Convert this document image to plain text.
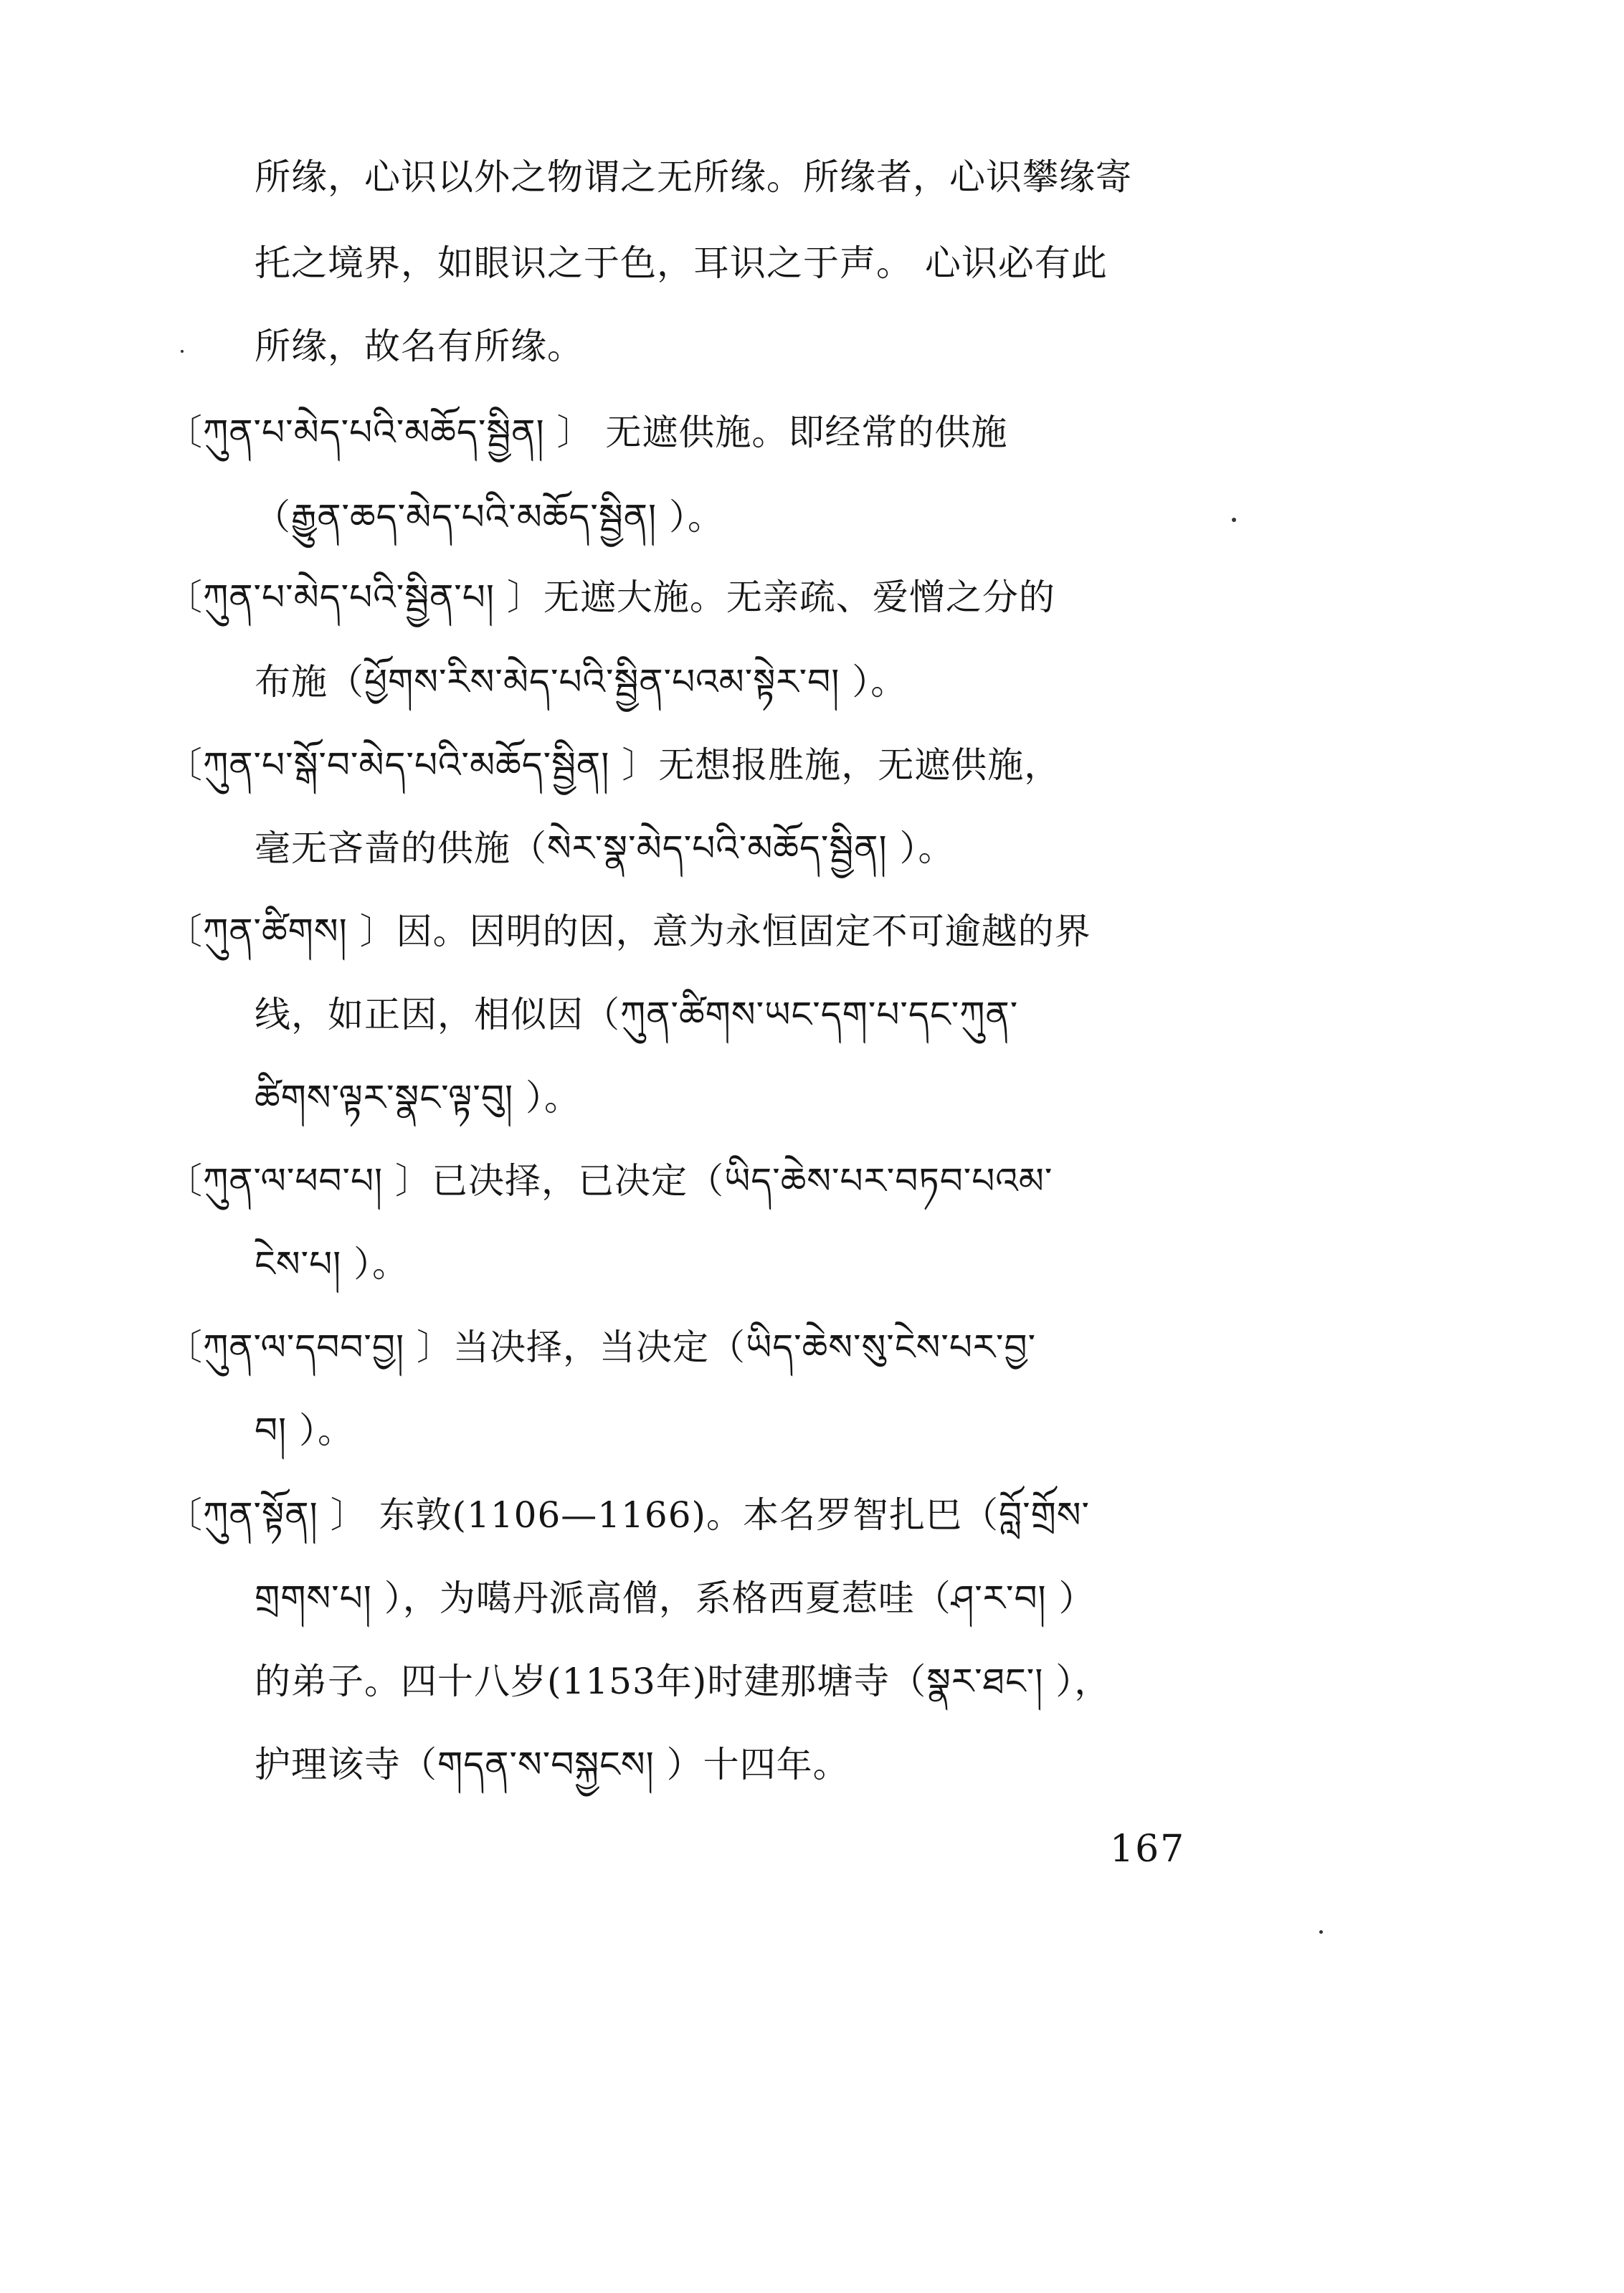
所缘，心识以外之物谓之无所缘。所缘者，心识攀缘寄
托之境界，如眼识之于色，耳识之于声。 心识必有此
所缘，故名有所缘。
〔ཀུན་པ་མེད་པའི་མཆོད་སྦྱིན། 〕 无遮供施。即经常的供施
（རྒྱུན་ཆད་མེད་པའི་མཆོད་སྦྱིན། ）。
〔ཀུན་པ་མེད་པའི་སྦྱིན་པ། 〕无遮大施。无亲疏、爱憎之分的
布施（ཕྱོགས་རིས་མེད་པའི་སྦྱིན་པའམ་སྟེར་བ། ）。
〔ཀུན་པ་སྒོ་བ་མེད་པའི་མཆོད་སྦྱིན། 〕无想报胜施，无遮供施，
毫无吝啬的供施（སེར་སྣ་མེད་པའི་མཆོད་སྦྱིན། ）。
〔ཀུན་ཚིགས། 〕因。因明的因，意为永恒固定不可逾越的界
线，如正因，相似因（ཀུན་ཚིགས་ཡང་དག་པ་དང་ཀུན་
ཚིགས་ལྟར་སྣང་ལྟ་བུ། ）。
〔ཀུན་ལ་ཕབ་པ། 〕已决择，已决定（ཡིད་ཆེས་པར་བཏབ་པའམ་
ངེས་པ། ）。
〔ཀུན་ལ་དབབ་བྱ། 〕当决择，当决定（ཡིད་ཆེས་སུ་ངེས་པར་བྱ་
བ། ）。
〔ཀུན་སྟོན། 〕 东敦(1106—1166)。本名罗智扎巴（བློ་གྲོས་
གྲགས་པ། ），为噶丹派高僧，系格西夏惹哇（ཤ་ར་བ། ）
的弟子。四十八岁(1153年)时建那塘寺（སྣར་ཐང་། ），
护理该寺（གདན་ས་བསྐྱངས། ）十四年。
167
